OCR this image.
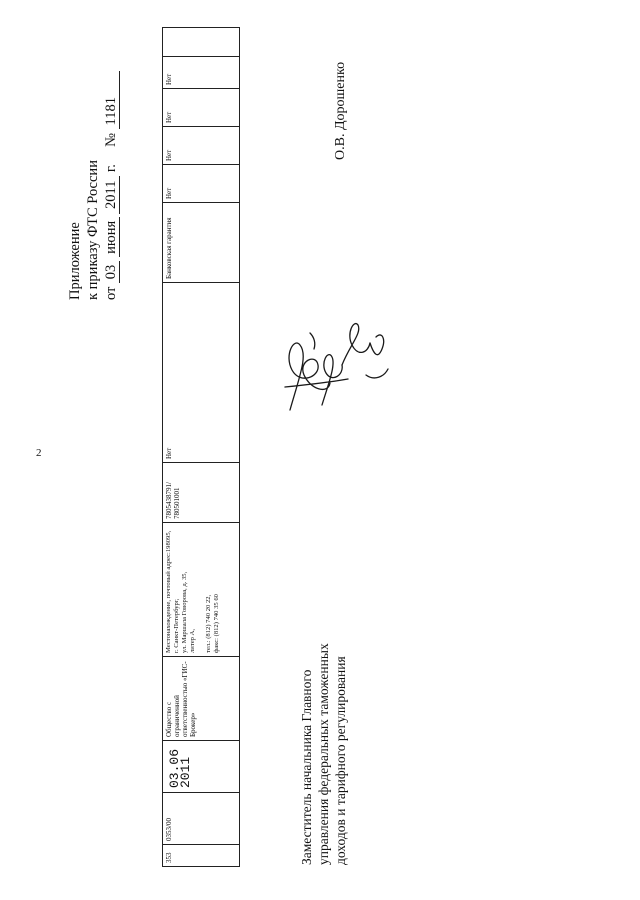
2
Приложение к приказу ФТС России от 03 июня 2011 г.  № 1181	О.В. Дорошенко
Заместитель начальника Главного управления федеральных таможенных доходов и тарифного регулирования
353
0353/00
03.06
2011
Общество с ограниченной ответственностью «ГИС-Брокер»
Местонахождение, почтовый адрес:198095, г. Санкт-Петербург, ул. Маршала Говорова, д. 35, литер А, тел.: (812) 740 20 22, факс: (812) 740 35 60
7805438791/ 780501001
Нет
Банковская гарантия
Нет
Нет
Нет
Нет
